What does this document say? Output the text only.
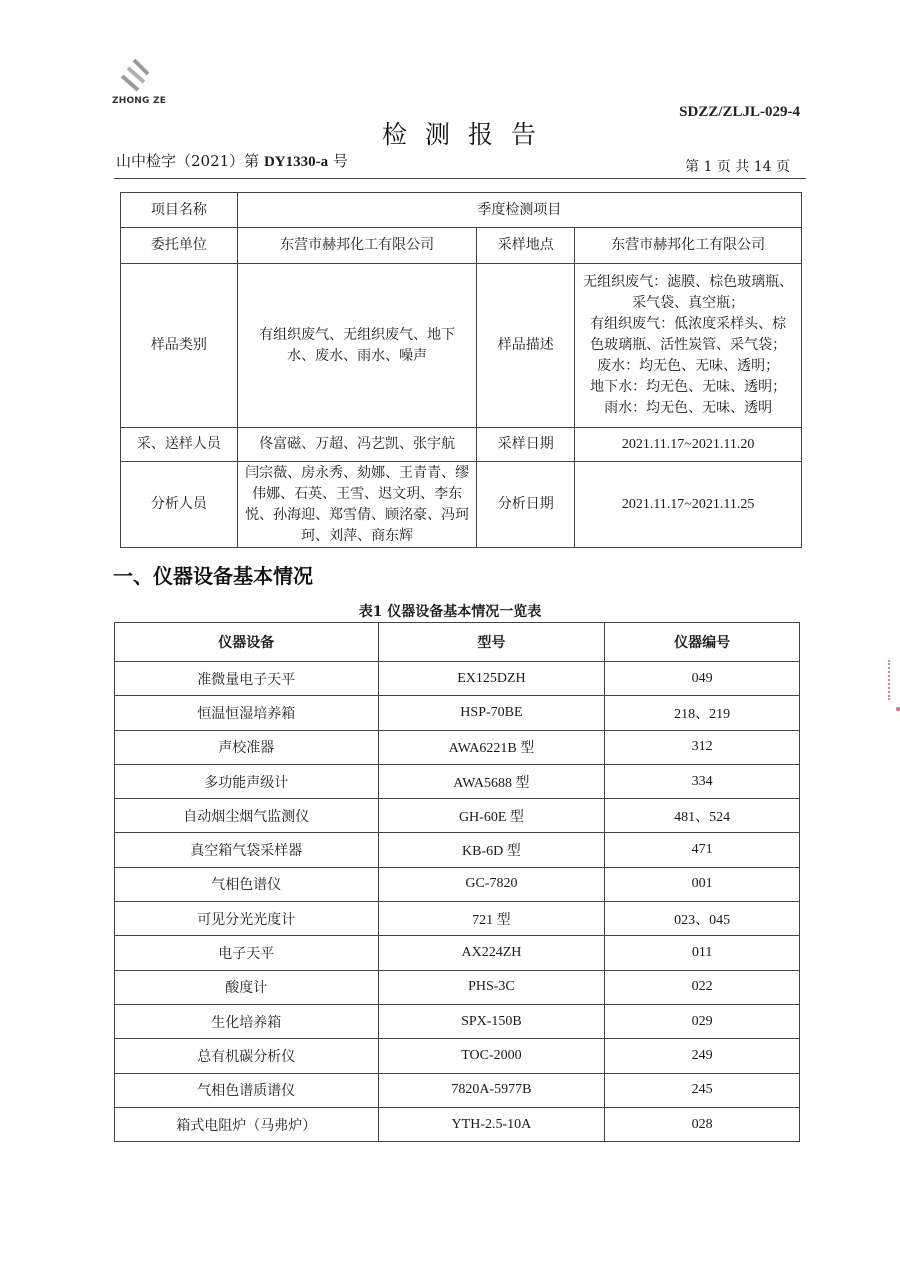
ZHONG ZE
SDZZ/ZLJL-029-4
检测报告
山中检字（2021）第 DY1330-a 号	第 1 页 共 14 页
项目名称	季度检测项目		
委托单位	东营市赫邦化工有限公司	采样地点	东营市赫邦化工有限公司
样品类别	有组织废气、无组织废气、地下水、废水、雨水、噪声	样品描述	
无组织废气：滤膜、棕色玻璃瓶、
采气袋、真空瓶；
有组织废气：低浓度采样头、棕
色玻璃瓶、活性炭管、采气袋；
废水：均无色、无味、透明；
地下水：均无色、无味、透明；
雨水：均无色、无味、透明

采、送样人员	佟富磁、万超、冯艺凯、张宇航	采样日期	2021.11.17~2021.11.20
分析人员	闫宗薇、房永秀、劾娜、王青青、缪伟娜、石英、王雪、迟文玥、李东悦、孙海迎、郑雪倩、顾洺豪、冯珂珂、刘萍、商东辉	分析日期	2021.11.17~2021.11.25
一、仪器设备基本情况
表1 仪器设备基本情况一览表
仪器设备	型号	仪器编号
准微量电子天平	EX125DZH	049
恒温恒湿培养箱	HSP-70BE	218、219
声校准器	AWA6221B 型	312
多功能声级计	AWA5688 型	334
自动烟尘烟气监测仪	GH-60E 型	481、524
真空箱气袋采样器	KB-6D 型	471
气相色谱仪	GC-7820	001
可见分光光度计	721 型	023、045
电子天平	AX224ZH	011
酸度计	PHS-3C	022
生化培养箱	SPX-150B	029
总有机碳分析仪	TOC-2000	249
气相色谱质谱仪	7820A-5977B	245
箱式电阻炉（马弗炉）	YTH-2.5-10A	028
